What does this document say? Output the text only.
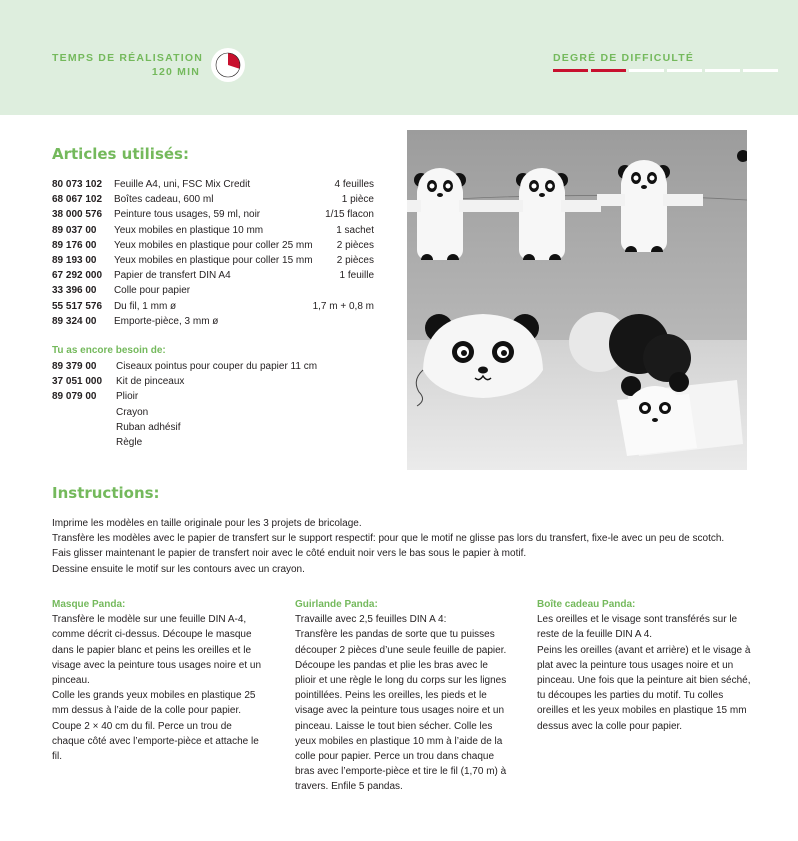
TEMPS DE RÉALISATION
120 MIN
DEGRÉ DE DIFFICULTÉ
Articles utilisés:
80 073 102	Feuille A4, uni, FSC Mix Credit	4 feuilles
68 067 102	Boîtes cadeau, 600 ml	1 pièce
38 000 576	Peinture tous usages, 59 ml, noir	1/15 flacon
89 037 00	Yeux mobiles en plastique 10 mm	1 sachet
89 176 00	Yeux mobiles en plastique pour coller 25 mm	2 pièces
89 193 00	Yeux mobiles en plastique pour coller 15 mm	2 pièces
67 292 000	Papier de transfert DIN A4	1 feuille
33 396 00	Colle pour papier	
55 517 576	Du fil, 1 mm ø	1,7 m + 0,8 m
89 324 00	Emporte-pièce, 3 mm ø	
Tu as encore besoin de:
89 379 00	Ciseaux pointus pour couper du papier 11 cm
37 051 000	Kit de pinceaux
89 079 00	Plioir
	Crayon
	Ruban adhésif
	Règle
Instructions:

Imprime les modèles en taille originale pour les 3 projets de bricolage.

Transfère les modèles avec le papier de transfert sur le support respectif: pour que le motif ne glisse pas lors du transfert, fixe-le avec un peu de scotch.

Fais glisser maintenant le papier de transfert noir avec le côté enduit noir vers le bas sous le papier à motif.

Dessine ensuite le motif sur les contours avec un crayon.

Masque Panda:

Transfère le modèle sur une feuille DIN A-4, comme décrit ci-dessus. Découpe le masque dans le papier blanc et peins les oreilles et le visage avec la peinture tous usages noire et un pinceau.

Colle les grands yeux mobiles en plastique 25 mm dessus à l’aide de la colle pour papier. Coupe 2 × 40 cm du fil. Perce un trou de chaque côté avec l’emporte-pièce et attache le fil.

Guirlande Panda:

Travaille avec 2,5 feuilles DIN A 4:

Transfère les pandas de sorte que tu puisses découper 2 pièces d’une seule feuille de papier. Découpe les pandas et plie les bras avec le plioir et une règle le long du corps sur les lignes pointillées. Peins les oreilles, les pieds et le visage avec la peinture tous usages noire et un pinceau. Laisse le tout bien sécher. Colle les yeux mobiles en plastique 10 mm à l’aide de la colle pour papier. Perce un trou dans chaque bras avec l’emporte-pièce et tire le fil (1,70 m) à travers. Enfile 5 pandas.

Boîte cadeau Panda:

Les oreilles et le visage sont transférés sur le reste de la feuille DIN A 4.

Peins les oreilles (avant et arrière) et le visage à plat avec la peinture tous usages noire et un pinceau. Une fois que la peinture ait bien séché, tu découpes les parties du motif. Tu colles oreilles et les yeux mobiles en plastique 15 mm dessus avec la colle pour papier.
